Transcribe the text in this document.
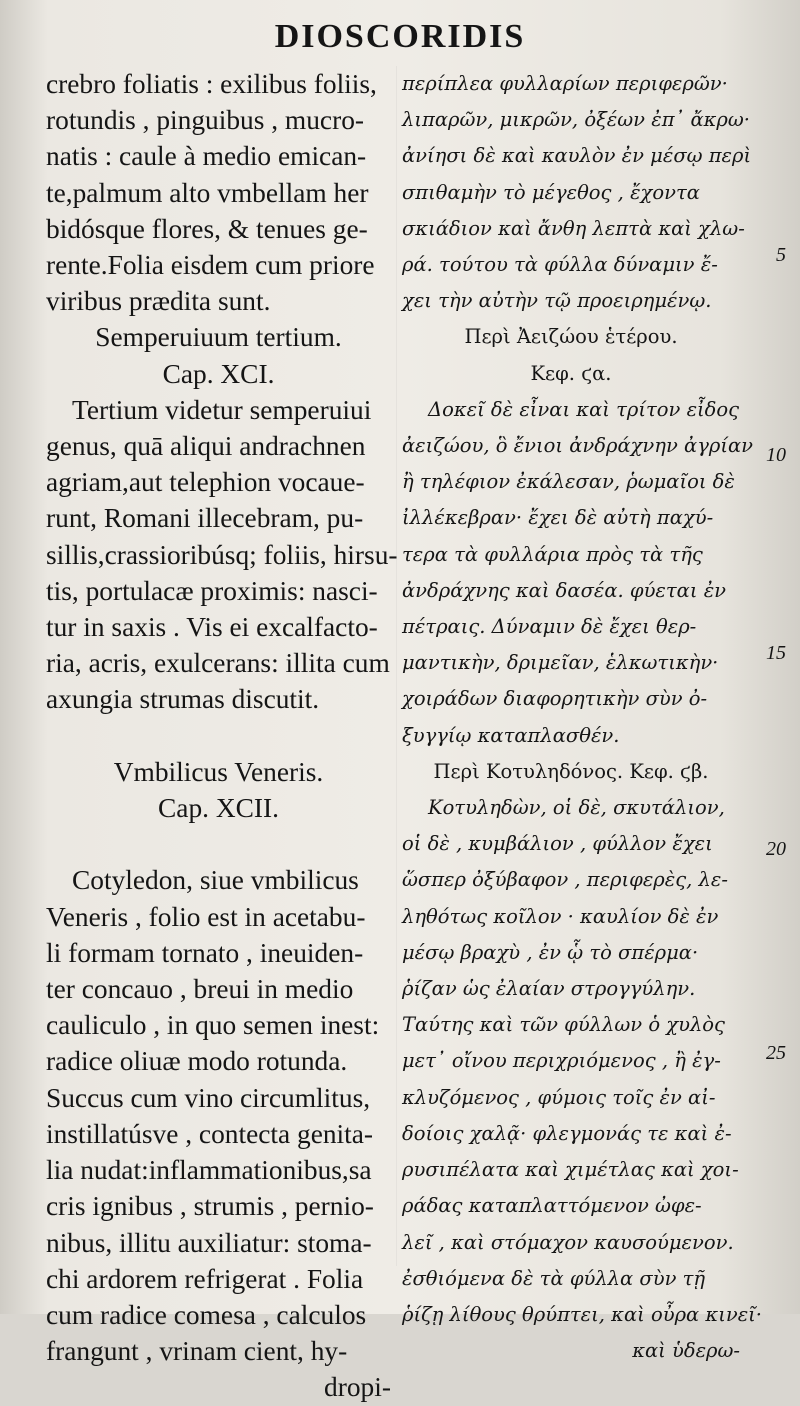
DIOSCORIDIS
crebro foliatis : exilibus foliis,
rotundis , pinguibus , mucro-
natis : caule à medio emican-
te,palmum alto vmbellam her
bidósque flores, & tenues ge-
rente.Folia eisdem cum priore
viribus prædita sunt.
Semperuiuum tertium.
Cap. XCI.
Tertium videtur semperuiui
genus, quā aliqui andrachnen
agriam,aut telephion vocaue-
runt, Romani illecebram, pu-
sillis,crassioribúsq; foliis, hirsu-
tis, portulacæ proximis: nasci-
tur in saxis . Vis ei excalfacto-
ria, acris, exulcerans: illita cum
axungia strumas discutit.

Vmbilicus Veneris.
Cap. XCII.

Cotyledon, siue vmbilicus
Veneris , folio est in acetabu-
li formam tornato , ineuiden-
ter concauo , breui in medio
cauliculo , in quo semen inest:
radice oliuæ modo rotunda.
Succus cum vino circumlitus,
instillatúsve , contecta genita-
lia nudat:inflammationibus,sa
cris ignibus , strumis , pernio-
nibus, illitu auxiliatur: stoma-
chi ardorem refrigerat . Folia
cum radice comesa , calculos
frangunt , vrinam cient, hy-
dropi-
περίπλεα φυλλαρίων περιφερῶν·
λιπαρῶν, μικρῶν, ὀξέων ἐπ᾿ ἄκρω·
ἀνίησι δὲ καὶ καυλὸν ἐν μέσῳ περὶ
σπιθαμὴν τὸ μέγεθος , ἔχοντα
σκιάδιον καὶ ἄνθη λεπτὰ καὶ χλω-
ρά. τούτου τὰ φύλλα δύναμιν ἔ-
χει τὴν αὐτὴν τῷ προειρημένῳ.
Περὶ Ἀειζώου ἑτέρου.
Κεφ. ϛα.
Δοκεῖ δὲ εἶναι καὶ τρίτον εἶδος
ἀειζώου, ὃ ἔνιοι ἀνδράχνην ἀγρίαν
ἢ τηλέφιον ἐκάλεσαν, ῥωμαῖοι δὲ
ἰλλέκεβραν· ἔχει δὲ αὐτὴ παχύ-
τερα τὰ φυλλάρια πρὸς τὰ τῆς
ἀνδράχνης καὶ δασέα. φύεται ἐν
πέτραις. Δύναμιν δὲ ἔχει θερ-
μαντικὴν, δριμεῖαν, ἑλκωτικὴν·
χοιράδων διαφορητικὴν σὺν ὀ-
ξυγγίῳ καταπλασθέν.
Περὶ Κοτυληδόνος. Κεφ. ϛβ.
Κοτυληδὼν, οἱ δὲ, σκυτάλιον,
οἱ δὲ , κυμβάλιον , φύλλον ἔχει
ὥσπερ ὀξύβαφον , περιφερὲς, λε-
ληθότως κοῖλον · καυλίον δὲ ἐν
μέσῳ βραχὺ , ἐν ᾧ τὸ σπέρμα·
ῥίζαν ὡς ἐλαίαν στρογγύλην.
Ταύτης καὶ τῶν φύλλων ὁ χυλὸς
μετ᾿ οἴνου περιχριόμενος , ἢ ἐγ-
κλυζόμενος , φύμοις τοῖς ἐν αἰ-
δοίοις χαλᾷ· φλεγμονάς τε καὶ ἐ-
ρυσιπέλατα καὶ χιμέτλας καὶ χοι-
ράδας καταπλαττόμενον ὠφε-
λεῖ , καὶ στόμαχον καυσούμενον.
ἐσθιόμενα δὲ τὰ φύλλα σὺν τῇ
ῥίζῃ λίθους θρύπτει, καὶ οὖρα κινεῖ·
καὶ ὑδερω-
5
10
15
20
25
